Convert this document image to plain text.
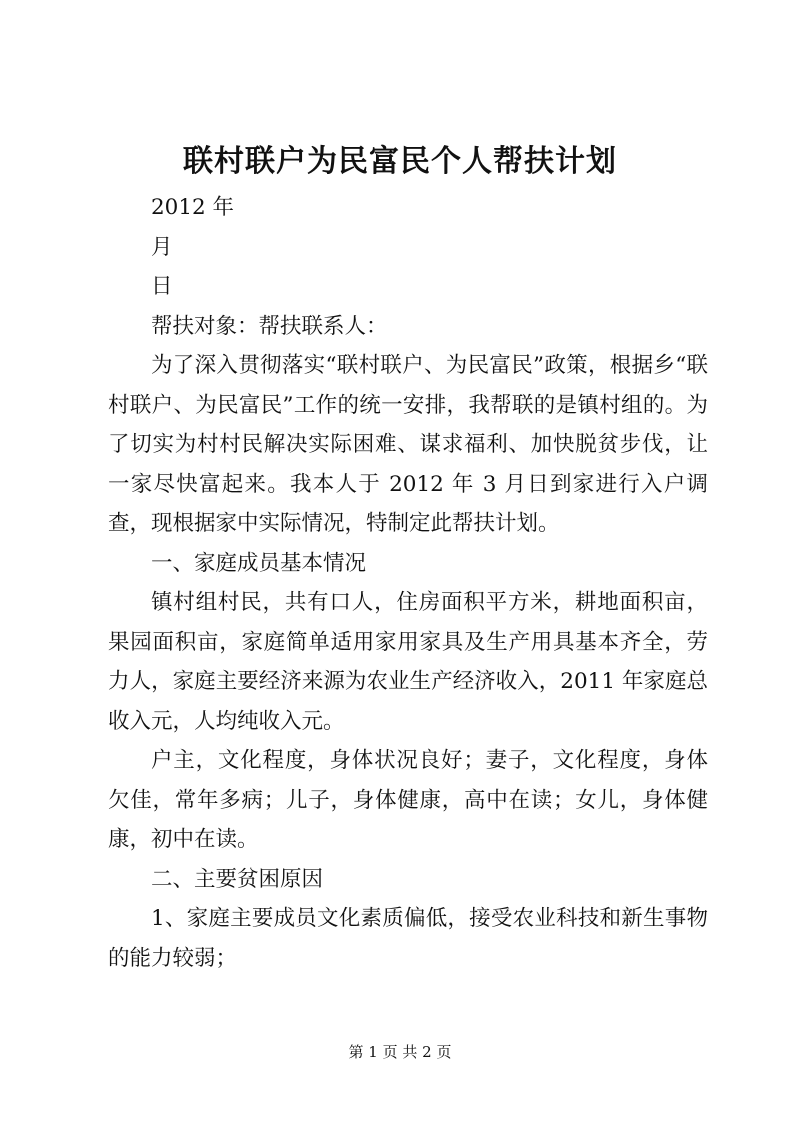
联村联户为民富民个人帮扶计划

2012 年

月

日

帮扶对象：帮扶联系人：

为了深入贯彻落实“联村联户、为民富民”政策，根据乡“联村联户、为民富民”工作的统一安排，我帮联的是镇村组的。为了切实为村村民解决实际困难、谋求福利、加快脱贫步伐，让一家尽快富起来。我本人于 2012 年 3 月日到家进行入户调查，现根据家中实际情况，特制定此帮扶计划。

一、家庭成员基本情况

镇村组村民，共有口人，住房面积平方米，耕地面积亩，果园面积亩，家庭简单适用家用家具及生产用具基本齐全，劳力人，家庭主要经济来源为农业生产经济收入，2011 年家庭总收入元，人均纯收入元。

户主，文化程度，身体状况良好；妻子，文化程度，身体欠佳，常年多病；儿子，身体健康，高中在读；女儿，身体健康，初中在读。

二、主要贫困原因

1、家庭主要成员文化素质偏低，接受农业科技和新生事物的能力较弱；

第 1 页 共 2 页
